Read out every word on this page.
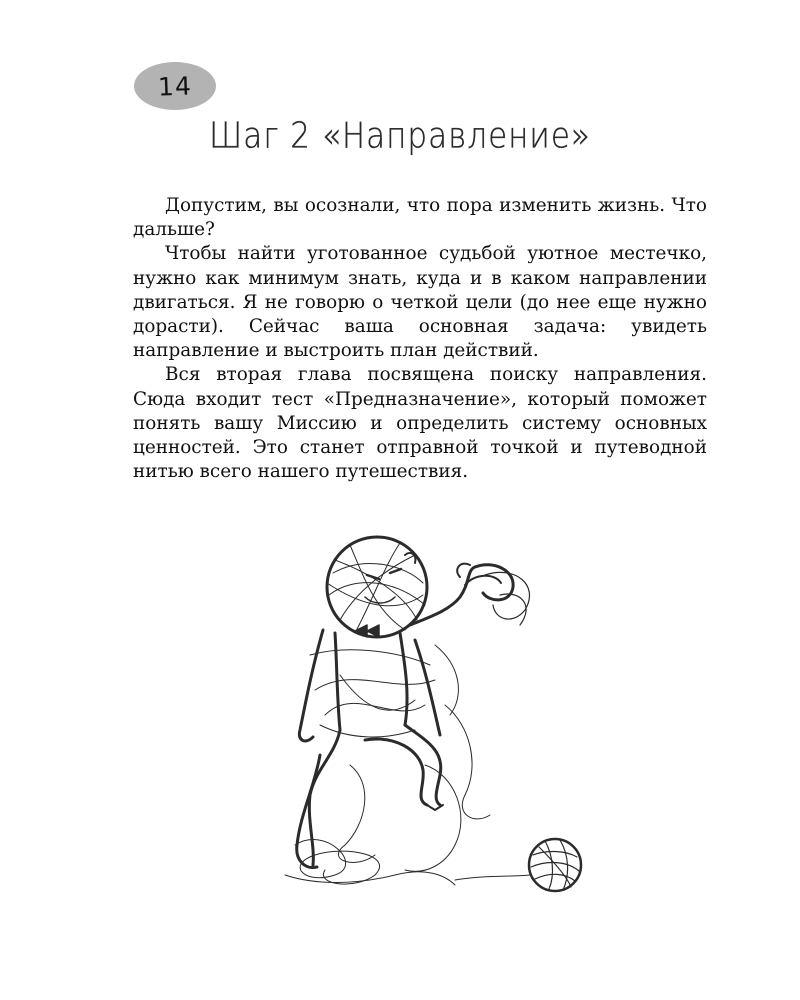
14
Шаг 2 «Направление»

Допустим, вы осознали, что пора изменить жизнь. Что дальше?

Чтобы найти уготованное судьбой уютное местечко, нужно как минимум знать, куда и в каком направлении двигаться. Я не говорю о четкой цели (до нее еще нужно дорасти). Сейчас ваша основная задача: увидеть направление и выстроить план действий.

Вся вторая глава посвящена поиску направления. Сюда входит тест «Предназначение», который поможет понять вашу Миссию и определить систему основных ценностей. Это станет отправной точкой и путеводной нитью всего нашего путешествия.
